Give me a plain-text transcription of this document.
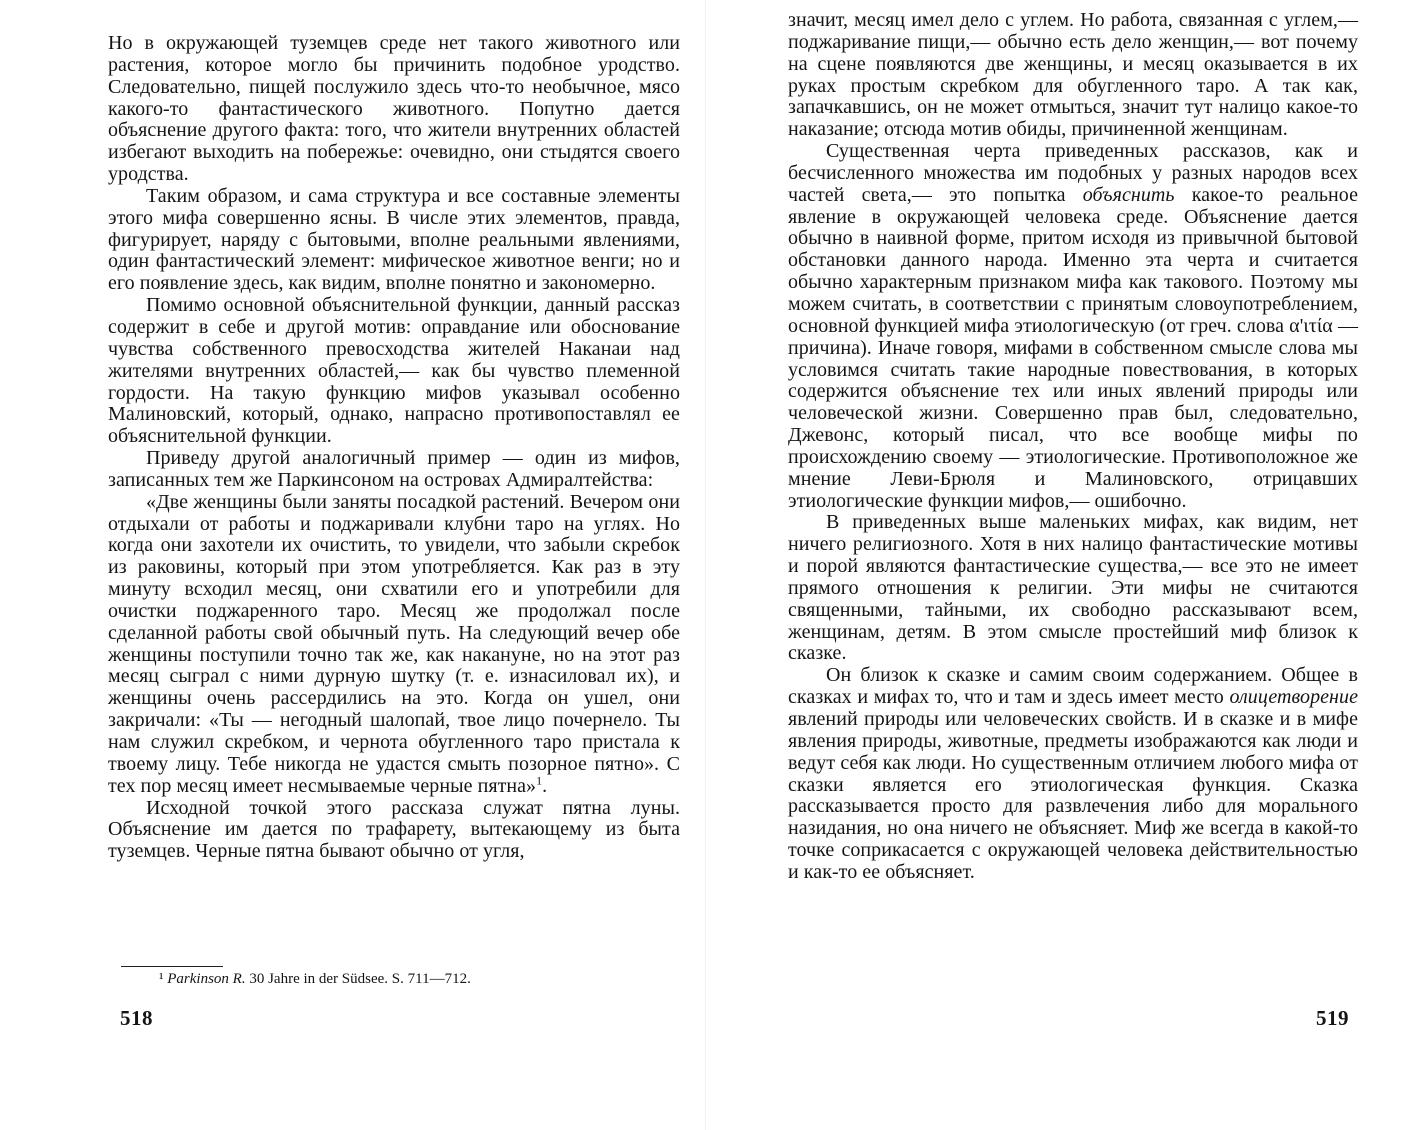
Но в окружающей туземцев среде нет такого животного или растения, которое могло бы причинить подобное уродство. Следовательно, пищей послужило здесь что-то необычное, мясо какого-то фантастического животного. Попутно дается объяснение другого факта: того, что жители внутренних областей избегают выходить на побережье: очевидно, они стыдятся своего уродства.

Таким образом, и сама структура и все составные элементы этого мифа совершенно ясны. В числе этих элементов, правда, фигурирует, наряду с бытовыми, вполне реальными явлениями, один фантастический элемент: мифическое животное венги; но и его появление здесь, как видим, вполне понятно и закономерно.

Помимо основной объяснительной функции, данный рассказ содержит в себе и другой мотив: оправдание или обоснование чувства собственного превосходства жителей Наканаи над жителями внутренних областей,— как бы чувство племенной гордости. На такую функцию мифов указывал особенно Малиновский, который, однако, напрасно противопоставлял ее объяснительной функции.

Приведу другой аналогичный пример — один из мифов, записанных тем же Паркинсоном на островах Адмиралтейства:

«Две женщины были заняты посадкой растений. Вечером они отдыхали от работы и поджаривали клубни таро на углях. Но когда они захотели их очистить, то увидели, что забыли скребок из раковины, который при этом употребляется. Как раз в эту минуту всходил месяц, они схватили его и употребили для очистки поджаренного таро. Месяц же продолжал после сделанной работы свой обычный путь. На следующий вечер обе женщины поступили точно так же, как накануне, но на этот раз месяц сыграл с ними дурную шутку (т. е. изнасиловал их), и женщины очень рассердились на это. Когда он ушел, они закричали: «Ты — негодный шалопай, твое лицо почернело. Ты нам служил скребком, и чернота обугленного таро пристала к твоему лицу. Тебе никогда не удастся смыть позорное пятно». С тех пор месяц имеет несмываемые черные пятна»$^1$.

Исходной точкой этого рассказа служат пятна луны. Объяснение им дается по трафарету, вытекающему из быта туземцев. Черные пятна бывают обычно от угля,

¹ Parkinson R. 30 Jahre in der Südsee. S. 711—712.
518

значит, месяц имел дело с углем. Но работа, связанная с углем,— поджаривание пищи,— обычно есть дело женщин,— вот почему на сцене появляются две женщины, и месяц оказывается в их руках простым скребком для обугленного таро. А так как, запачкавшись, он не может отмыться, значит тут налицо какое-то наказание; отсюда мотив обиды, причиненной женщинам.

Существенная черта приведенных рассказов, как и бесчисленного множества им подобных у разных народов всех частей света,— это попытка объяснить какое-то реальное явление в окружающей человека среде. Объяснение дается обычно в наивной форме, притом исходя из привычной бытовой обстановки данного народа. Именно эта черта и считается обычно характерным признаком мифа как такового. Поэтому мы можем считать, в соответствии с принятым словоупотреблением, основной функцией мифа этиологическую (от греч. слова α'ιτία — причина). Иначе говоря, мифами в собственном смысле слова мы условимся считать такие народные повествования, в которых содержится объяснение тех или иных явлений природы или человеческой жизни. Совершенно прав был, следовательно, Джевонс, который писал, что все вообще мифы по происхождению своему — этиологические. Противоположное же мнение Леви-Брюля и Малиновского, отрицавших этиологические функции мифов,— ошибочно.

В приведенных выше маленьких мифах, как видим, нет ничего религиозного. Хотя в них налицо фантастические мотивы и порой являются фантастические существа,— все это не имеет прямого отношения к религии. Эти мифы не считаются священными, тайными, их свободно рассказывают всем, женщинам, детям. В этом смысле простейший миф близок к сказке.

Он близок к сказке и самим своим содержанием. Общее в сказках и мифах то, что и там и здесь имеет место олицетворение явлений природы или человеческих свойств. И в сказке и в мифе явления природы, животные, предметы изображаются как люди и ведут себя как люди. Но существенным отличием любого мифа от сказки является его этиологическая функция. Сказка рассказывается просто для развлечения либо для морального назидания, но она ничего не объясняет. Миф же всегда в какой-то точке соприкасается с окружающей человека действительностью и как-то ее объясняет.

519
